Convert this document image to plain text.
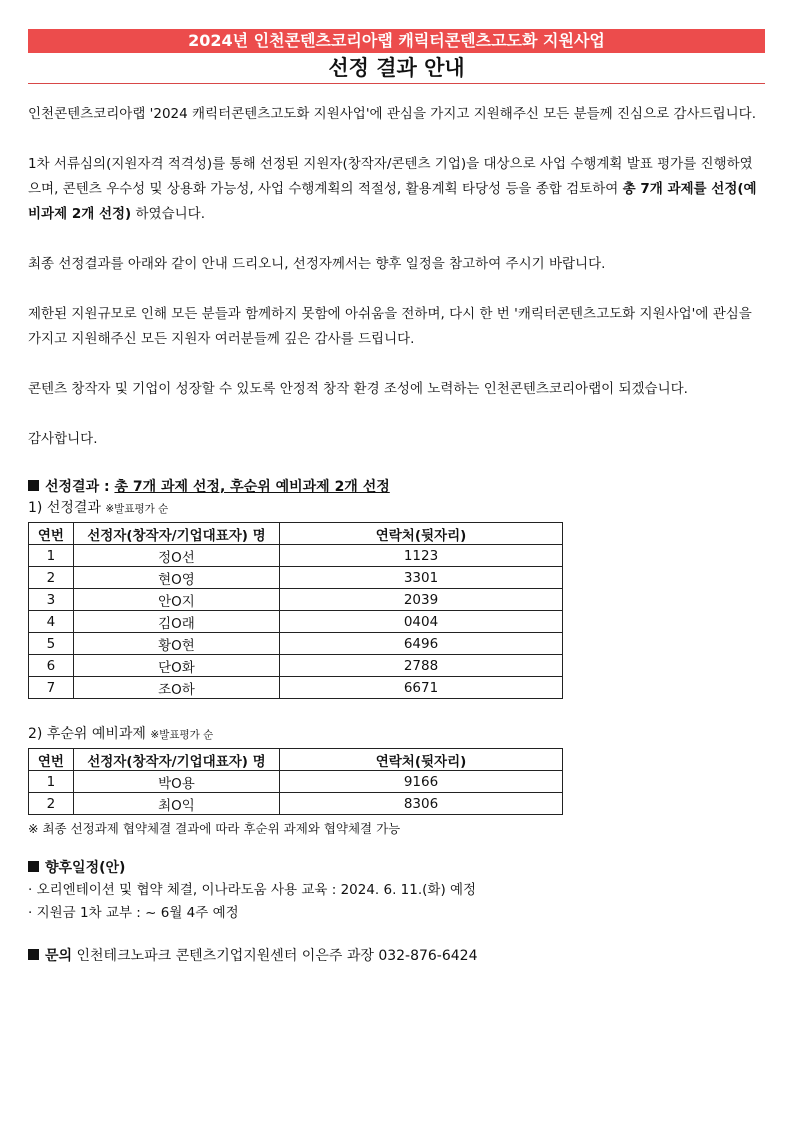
2024년 인천콘텐츠코리아랩 캐릭터콘텐츠고도화 지원사업
선정 결과 안내

인천콘텐츠코리아랩 '2024 캐릭터콘텐츠고도화 지원사업'에 관심을 가지고 지원해주신 모든 분들께 진심으로 감사드립니다.

1차 서류심의(지원자격 적격성)를 통해 선정된 지원자(창작자/콘텐츠 기업)을 대상으로 사업 수행계획 발표 평가를 진행하였으며, 콘텐츠 우수성 및 상용화 가능성, 사업 수행계획의 적절성, 활용계획 타당성 등을 종합 검토하여 총 7개 과제를 선정(예비과제 2개 선정) 하였습니다.

최종 선정결과를 아래와 같이 안내 드리오니, 선정자께서는 향후 일정을 참고하여 주시기 바랍니다.

제한된 지원규모로 인해 모든 분들과 함께하지 못함에 아쉬움을 전하며, 다시 한 번 '캐릭터콘텐츠고도화 지원사업'에 관심을 가지고 지원해주신 모든 지원자 여러분들께 깊은 감사를 드립니다.

콘텐츠 창작자 및 기업이 성장할 수 있도록 안정적 창작 환경 조성에 노력하는 인천콘텐츠코리아랩이 되겠습니다.

감사합니다.

선정결과 : 총 7개 과제 선정, 후순위 예비과제 2개 선정
1) 선정결과 ※발표평가 순
연번	선정자(창작자/기업대표자) 명	연락처(뒷자리)
1	정O선	1123
2	현O영	3301
3	안O지	2039
4	김O래	0404
5	황O현	6496
6	단O화	2788
7	조O하	6671
2) 후순위 예비과제 ※발표평가 순
연번	선정자(창작자/기업대표자) 명	연락처(뒷자리)
1	박O용	9166
2	최O익	8306
※ 최종 선정과제 협약체결 결과에 따라 후순위 과제와 협약체결 가능
향후일정(안)
· 오리엔테이션 및 협약 체결, 이나라도움 사용 교육 : 2024. 6. 11.(화) 예정
· 지원금 1차 교부 : ~ 6월 4주 예정
문의 인천테크노파크 콘텐츠기업지원센터 이은주 과장 032-876-6424
